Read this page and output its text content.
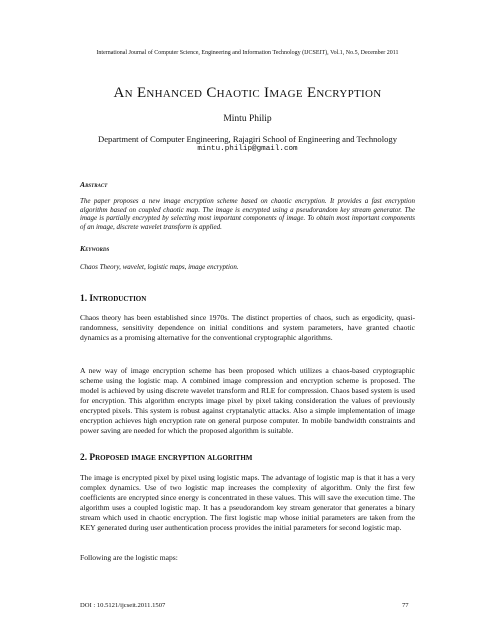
International Journal of Computer Science, Engineering and Information Technology (IJCSEIT), Vol.1, No.5, December 2011
An Enhanced Chaotic Image Encryption
Mintu Philip
Department of Computer Engineering, Rajagiri School of Engineering and Technology
mintu.philip@gmail.com
Abstract
The paper proposes a new image encryption scheme based on chaotic encryption. It provides a fast encryption algorithm based on coupled chaotic map. The image is encrypted using a pseudorandom key stream generator. The image is partially encrypted by selecting most important components of image. To obtain most important components of an image, discrete wavelet transform is applied.
Keywords
Chaos Theory, wavelet, logistic maps, image encryption.
1. Introduction
Chaos theory has been established since 1970s. The distinct properties of chaos, such as ergodicity, quasi-randomness, sensitivity dependence on initial conditions and system parameters, have granted chaotic dynamics as a promising alternative for the conventional cryptographic algorithms.
A new way of image encryption scheme has been proposed which utilizes a chaos-based cryptographic scheme using the logistic map. A combined image compression and encryption scheme is proposed. The model is achieved by using discrete wavelet transform and RLE for compression. Chaos based system is used for encryption. This algorithm encrypts image pixel by pixel taking consideration the values of previously encrypted pixels. This system is robust against cryptanalytic attacks. Also a simple implementation of image encryption achieves high encryption rate on general purpose computer. In mobile bandwidth constraints and power saving are needed for which the proposed algorithm is suitable.
2. Proposed image encryption algorithm
The image is encrypted pixel by pixel using logistic maps. The advantage of logistic map is that it has a very complex dynamics. Use of two logistic map increases the complexity of algorithm. Only the first few coefficients are encrypted since energy is concentrated in these values. This will save the execution time. The algorithm uses a coupled logistic map. It has a pseudorandom key stream generator that generates a binary stream which used in chaotic encryption. The first logistic map whose initial parameters are taken from the KEY generated during user authentication process provides the initial parameters for second logistic map.
Following are the logistic maps:
DOI : 10.5121/ijcseit.2011.1507	77
